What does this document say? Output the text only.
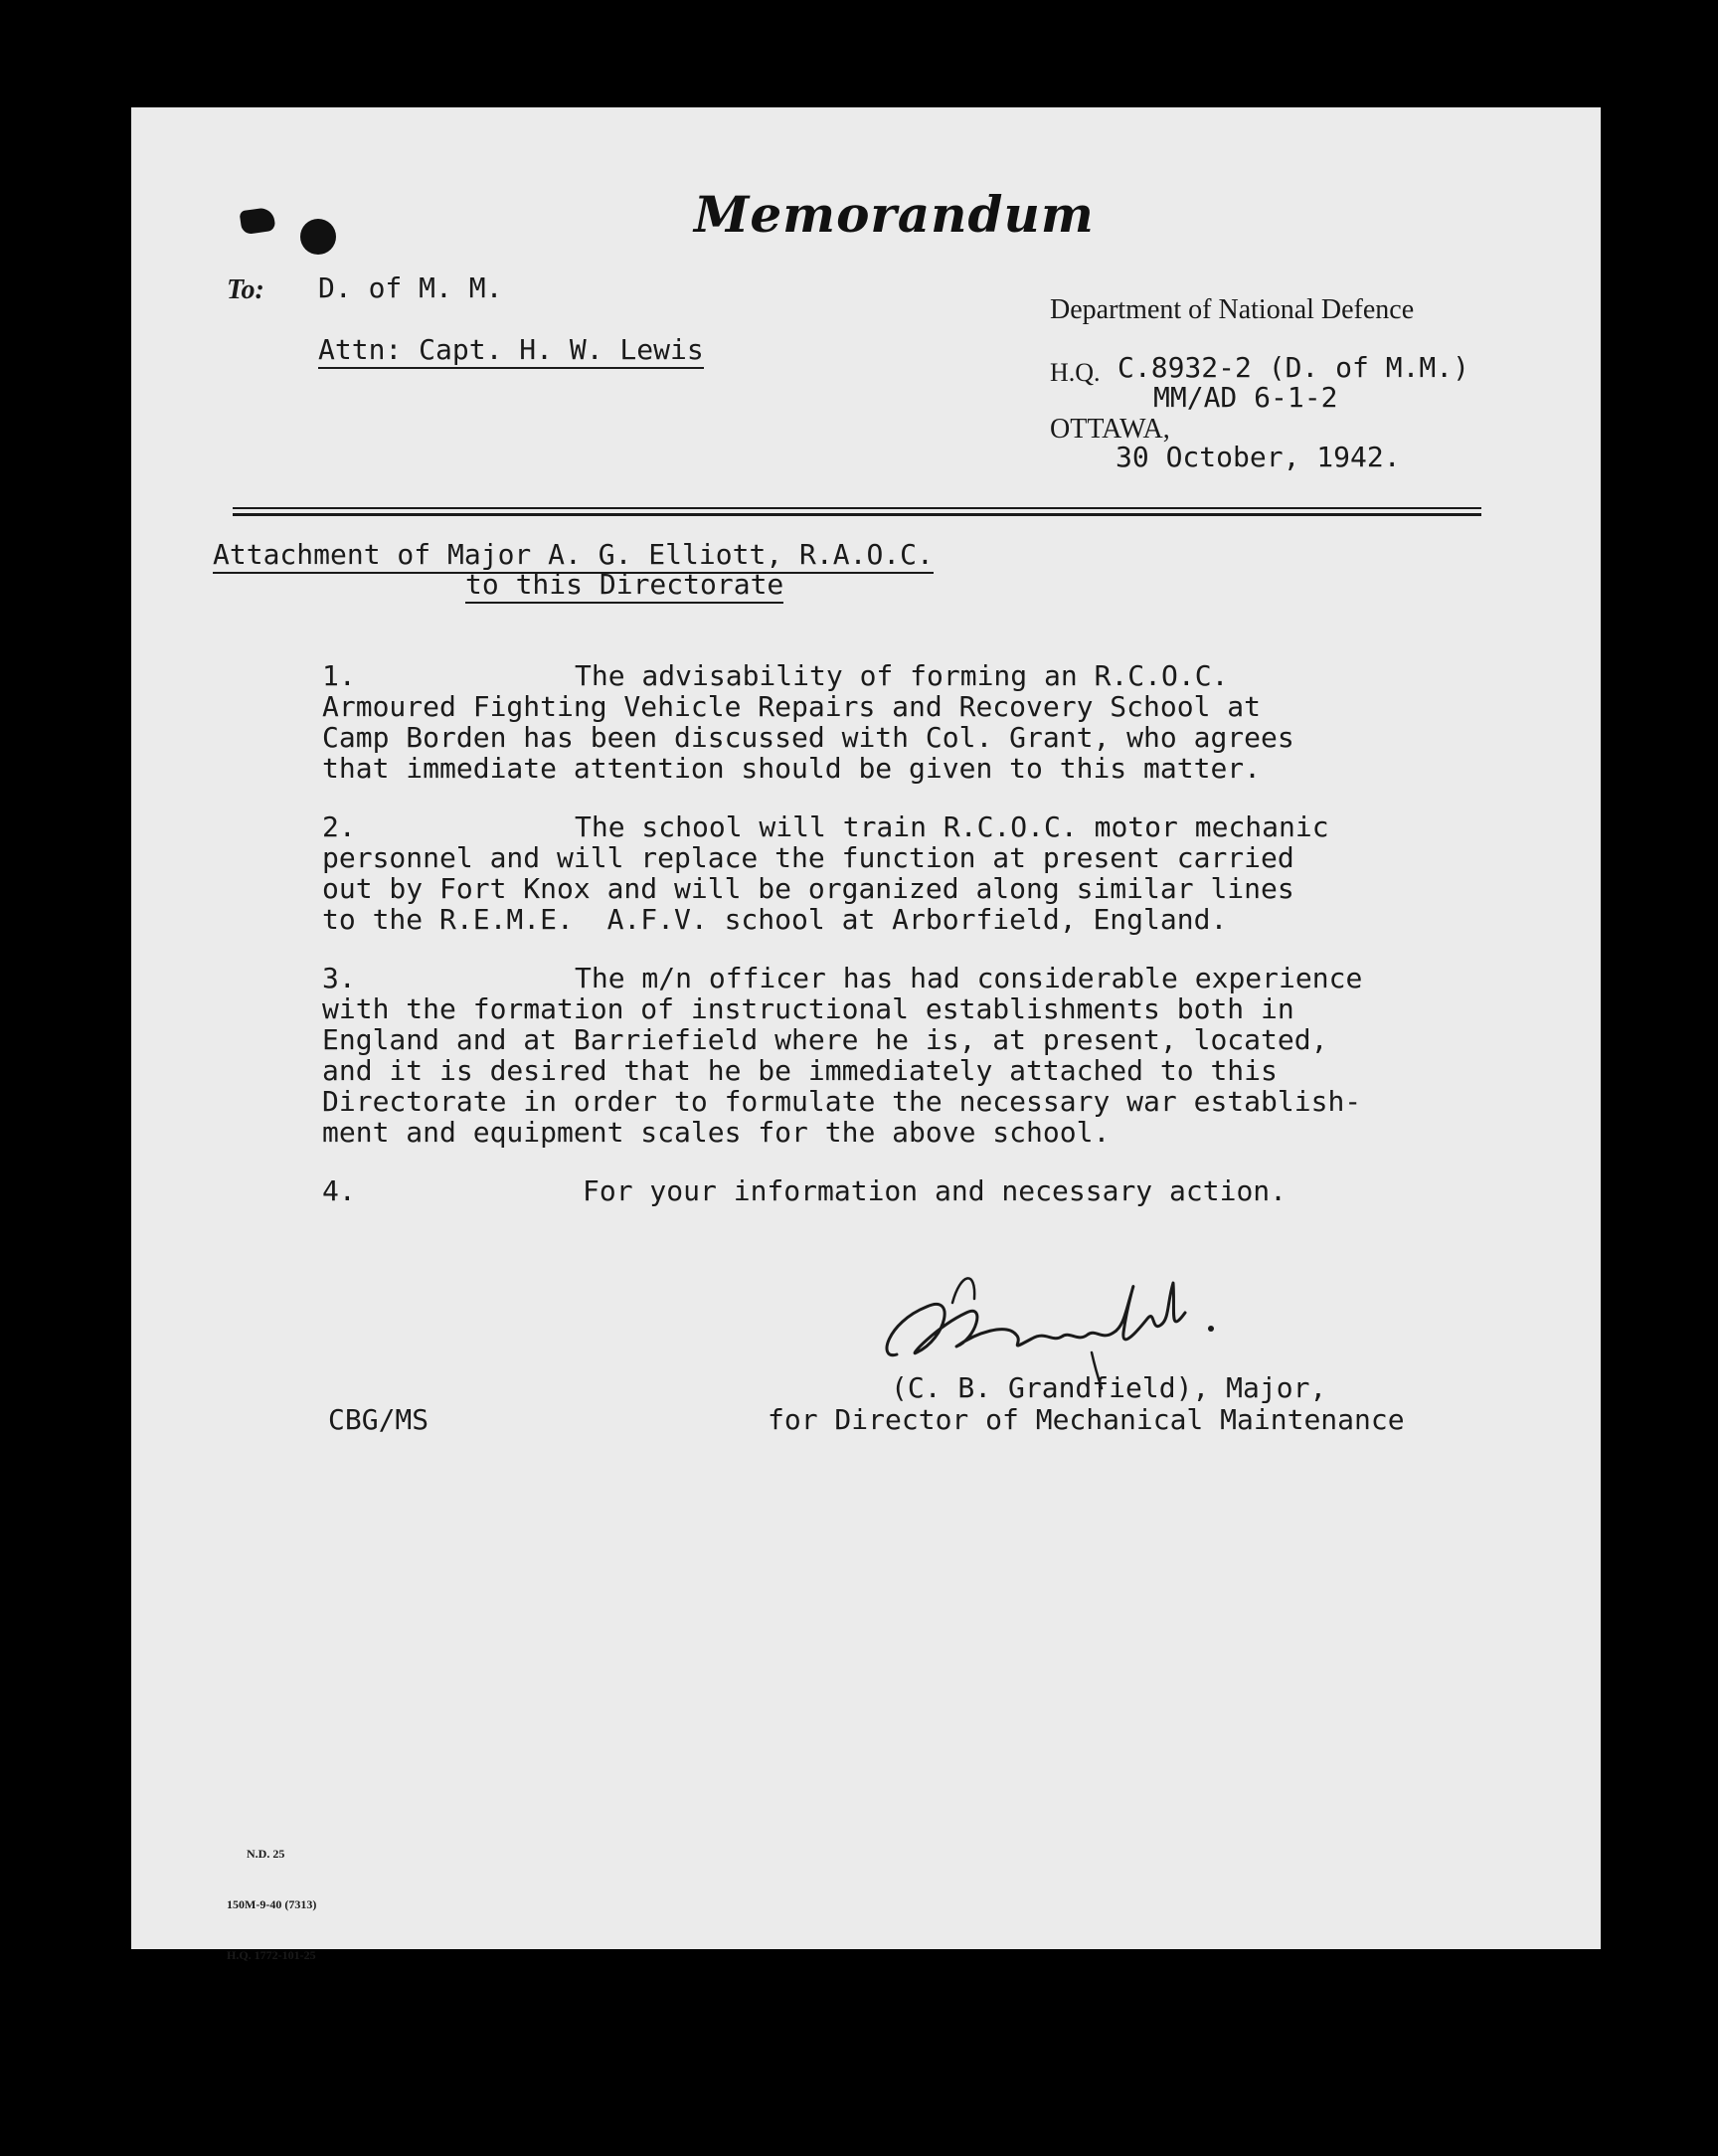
Memorandum
To: D. of M. M.
Attn: Capt. H. W. Lewis
Department of National Defence
H.Q. C.8932-2 (D. of M.M.)
MM/AD 6-1-2
OTTAWA,
30 October, 1942.
Attachment of Major A. G. Elliott, R.A.O.C.
to this Directorate

1.

	The advisability of forming an R.C.O.C.

Armoured Fighting Vehicle Repairs and Recovery School at
Camp Borden has been discussed with Col. Grant, who agrees
that immediate attention should be given to this matter.

2.

	The school will train R.C.O.C. motor mechanic

personnel and will replace the function at present carried
out by Fort Knox and will be organized along similar lines
to the R.E.M.E.  A.F.V. school at Arborfield, England.

3.

	The m/n officer has had considerable experience

with the formation of instructional establishments both in
England and at Barriefield where he is, at present, located,
and it is desired that he be immediately attached to this
Directorate in order to formulate the necessary war establish-
ment and equipment scales for the above school.

4.

	For your information and necessary action.

(C. B. Grandfield), Major,
for Director of Mechanical Maintenance
CBG/MS

N.D. 25

150M-9-40 (7313)

H.Q. 1772-101-25
